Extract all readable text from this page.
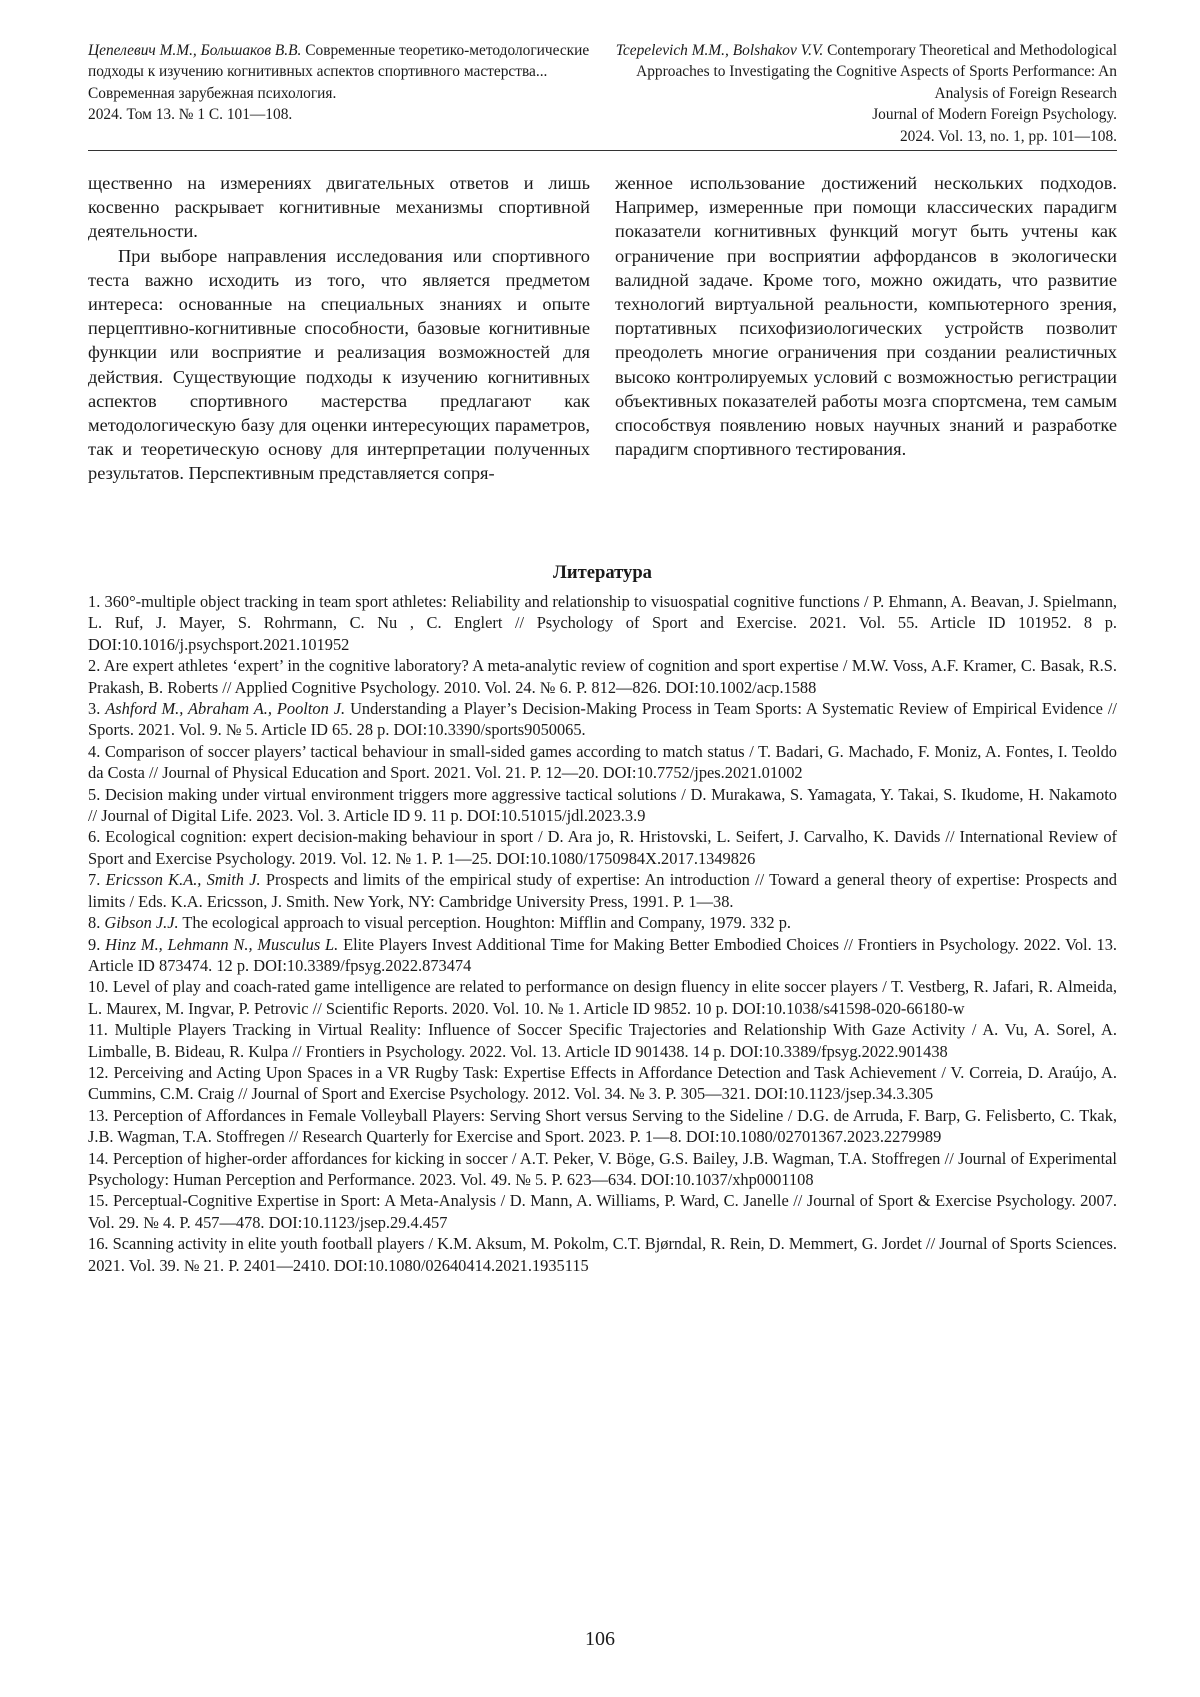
Цепелевич М.М., Большаков В.В. Современные теоретико-методологические подходы к изучению когнитивных аспектов спортивного мастерства...
Современная зарубежная психология.
2024. Том 13. № 1 С. 101—108.
Tcepelevich M.M., Bolshakov V.V. Contemporary Theoretical and Methodological Approaches to Investigating the Cognitive Aspects of Sports Performance: An Analysis of Foreign Research
Journal of Modern Foreign Psychology.
2024. Vol. 13, no. 1, pp. 101—108.

щественно на измерениях двигательных ответов и лишь косвенно раскрывает когнитивные механизмы спортивной деятельности.

При выборе направления исследования или спортивного теста важно исходить из того, что является предметом интереса: основанные на специальных знаниях и опыте перцептивно-когнитивные способности, базовые когнитивные функции или восприятие и реализация возможностей для действия. Существующие подходы к изучению когнитивных аспектов спортивного мастерства предлагают как методологическую базу для оценки интересующих параметров, так и теоретическую основу для интерпретации полученных результатов. Перспективным представляется сопря-

женное использование достижений нескольких подходов. Например, измеренные при помощи классических парадигм показатели когнитивных функций могут быть учтены как ограничение при восприятии аффордансов в экологически валидной задаче. Кроме того, можно ожидать, что развитие технологий виртуальной реальности, компьютерного зрения, портативных психофизиологических устройств позволит преодолеть многие ограничения при создании реалистичных высоко контролируемых условий с возможностью регистрации объективных показателей работы мозга спортсмена, тем самым способствуя появлению новых научных знаний и разработке парадигм спортивного тестирования.

Литература

1. 360°-multiple object tracking in team sport athletes: Reliability and relationship to visuospatial cognitive functions / P. Ehmann, A. Beavan, J. Spielmann, L. Ruf, J. Mayer, S. Rohrmann, C. Nu , C. Englert // Psychology of Sport and Exercise. 2021. Vol. 55. Article ID 101952. 8 p. DOI:10.1016/j.psychsport.2021.101952

2. Are expert athletes ‘expert’ in the cognitive laboratory? A meta-analytic review of cognition and sport expertise / M.W. Voss, A.F. Kramer, C. Basak, R.S. Prakash, B. Roberts // Applied Cognitive Psychology. 2010. Vol. 24. № 6. P. 812—826. DOI:10.1002/acp.1588

3. Ashford M., Abraham A., Poolton J. Understanding a Player’s Decision-Making Process in Team Sports: A Systematic Review of Empirical Evidence // Sports. 2021. Vol. 9. № 5. Article ID 65. 28 p. DOI:10.3390/sports9050065.

4. Comparison of soccer players’ tactical behaviour in small-sided games according to match status / T. Badari, G. Machado, F. Moniz, A. Fontes, I. Teoldo da Costa // Journal of Physical Education and Sport. 2021. Vol. 21. P. 12—20. DOI:10.7752/jpes.2021.01002

5. Decision making under virtual environment triggers more aggressive tactical solutions / D. Murakawa, S. Yamagata, Y. Takai, S. Ikudome, H. Nakamoto // Journal of Digital Life. 2023. Vol. 3. Article ID 9. 11 p. DOI:10.51015/jdl.2023.3.9

6. Ecological cognition: expert decision-making behaviour in sport / D. Ara jo, R. Hristovski, L. Seifert, J. Carvalho, K. Davids // International Review of Sport and Exercise Psychology. 2019. Vol. 12. № 1. P. 1—25. DOI:10.1080/1750984X.2017.1349826

7. Ericsson K.A., Smith J. Prospects and limits of the empirical study of expertise: An introduction // Toward a general theory of expertise: Prospects and limits / Eds. K.A. Ericsson, J. Smith. New York, NY: Cambridge University Press, 1991. P. 1—38.

8. Gibson J.J. The ecological approach to visual perception. Houghton: Mifflin and Company, 1979. 332 p.

9. Hinz M., Lehmann N., Musculus L. Elite Players Invest Additional Time for Making Better Embodied Choices // Frontiers in Psychology. 2022. Vol. 13. Article ID 873474. 12 p. DOI:10.3389/fpsyg.2022.873474

10. Level of play and coach-rated game intelligence are related to performance on design fluency in elite soccer players / T. Vestberg, R. Jafari, R. Almeida, L. Maurex, M. Ingvar, P. Petrovic // Scientific Reports. 2020. Vol. 10. № 1. Article ID 9852. 10 p. DOI:10.1038/s41598-020-66180-w

11. Multiple Players Tracking in Virtual Reality: Influence of Soccer Specific Trajectories and Relationship With Gaze Activity / A. Vu, A. Sorel, A. Limballe, B. Bideau, R. Kulpa // Frontiers in Psychology. 2022. Vol. 13. Article ID 901438. 14 p. DOI:10.3389/fpsyg.2022.901438

12. Perceiving and Acting Upon Spaces in a VR Rugby Task: Expertise Effects in Affordance Detection and Task Achievement / V. Correia, D. Araújo, A. Cummins, C.M. Craig // Journal of Sport and Exercise Psychology. 2012. Vol. 34. № 3. P. 305—321. DOI:10.1123/jsep.34.3.305

13. Perception of Affordances in Female Volleyball Players: Serving Short versus Serving to the Sideline / D.G. de Arruda, F. Barp, G. Felisberto, C. Tkak, J.B. Wagman, T.A. Stoffregen // Research Quarterly for Exercise and Sport. 2023. P. 1—8. DOI:10.1080/02701367.2023.2279989

14. Perception of higher-order affordances for kicking in soccer / A.T. Peker, V. Böge, G.S. Bailey, J.B. Wagman, T.A. Stoffregen // Journal of Experimental Psychology: Human Perception and Performance. 2023. Vol. 49. № 5. P. 623—634. DOI:10.1037/xhp0001108

15. Perceptual-Cognitive Expertise in Sport: A Meta-Analysis / D. Mann, A. Williams, P. Ward, C. Janelle // Journal of Sport & Exercise Psychology. 2007. Vol. 29. № 4. P. 457—478. DOI:10.1123/jsep.29.4.457

16. Scanning activity in elite youth football players / K.M. Aksum, M. Pokolm, C.T. Bjørndal, R. Rein, D. Memmert, G. Jordet // Journal of Sports Sciences. 2021. Vol. 39. № 21. P. 2401—2410. DOI:10.1080/02640414.2021.1935115

106
